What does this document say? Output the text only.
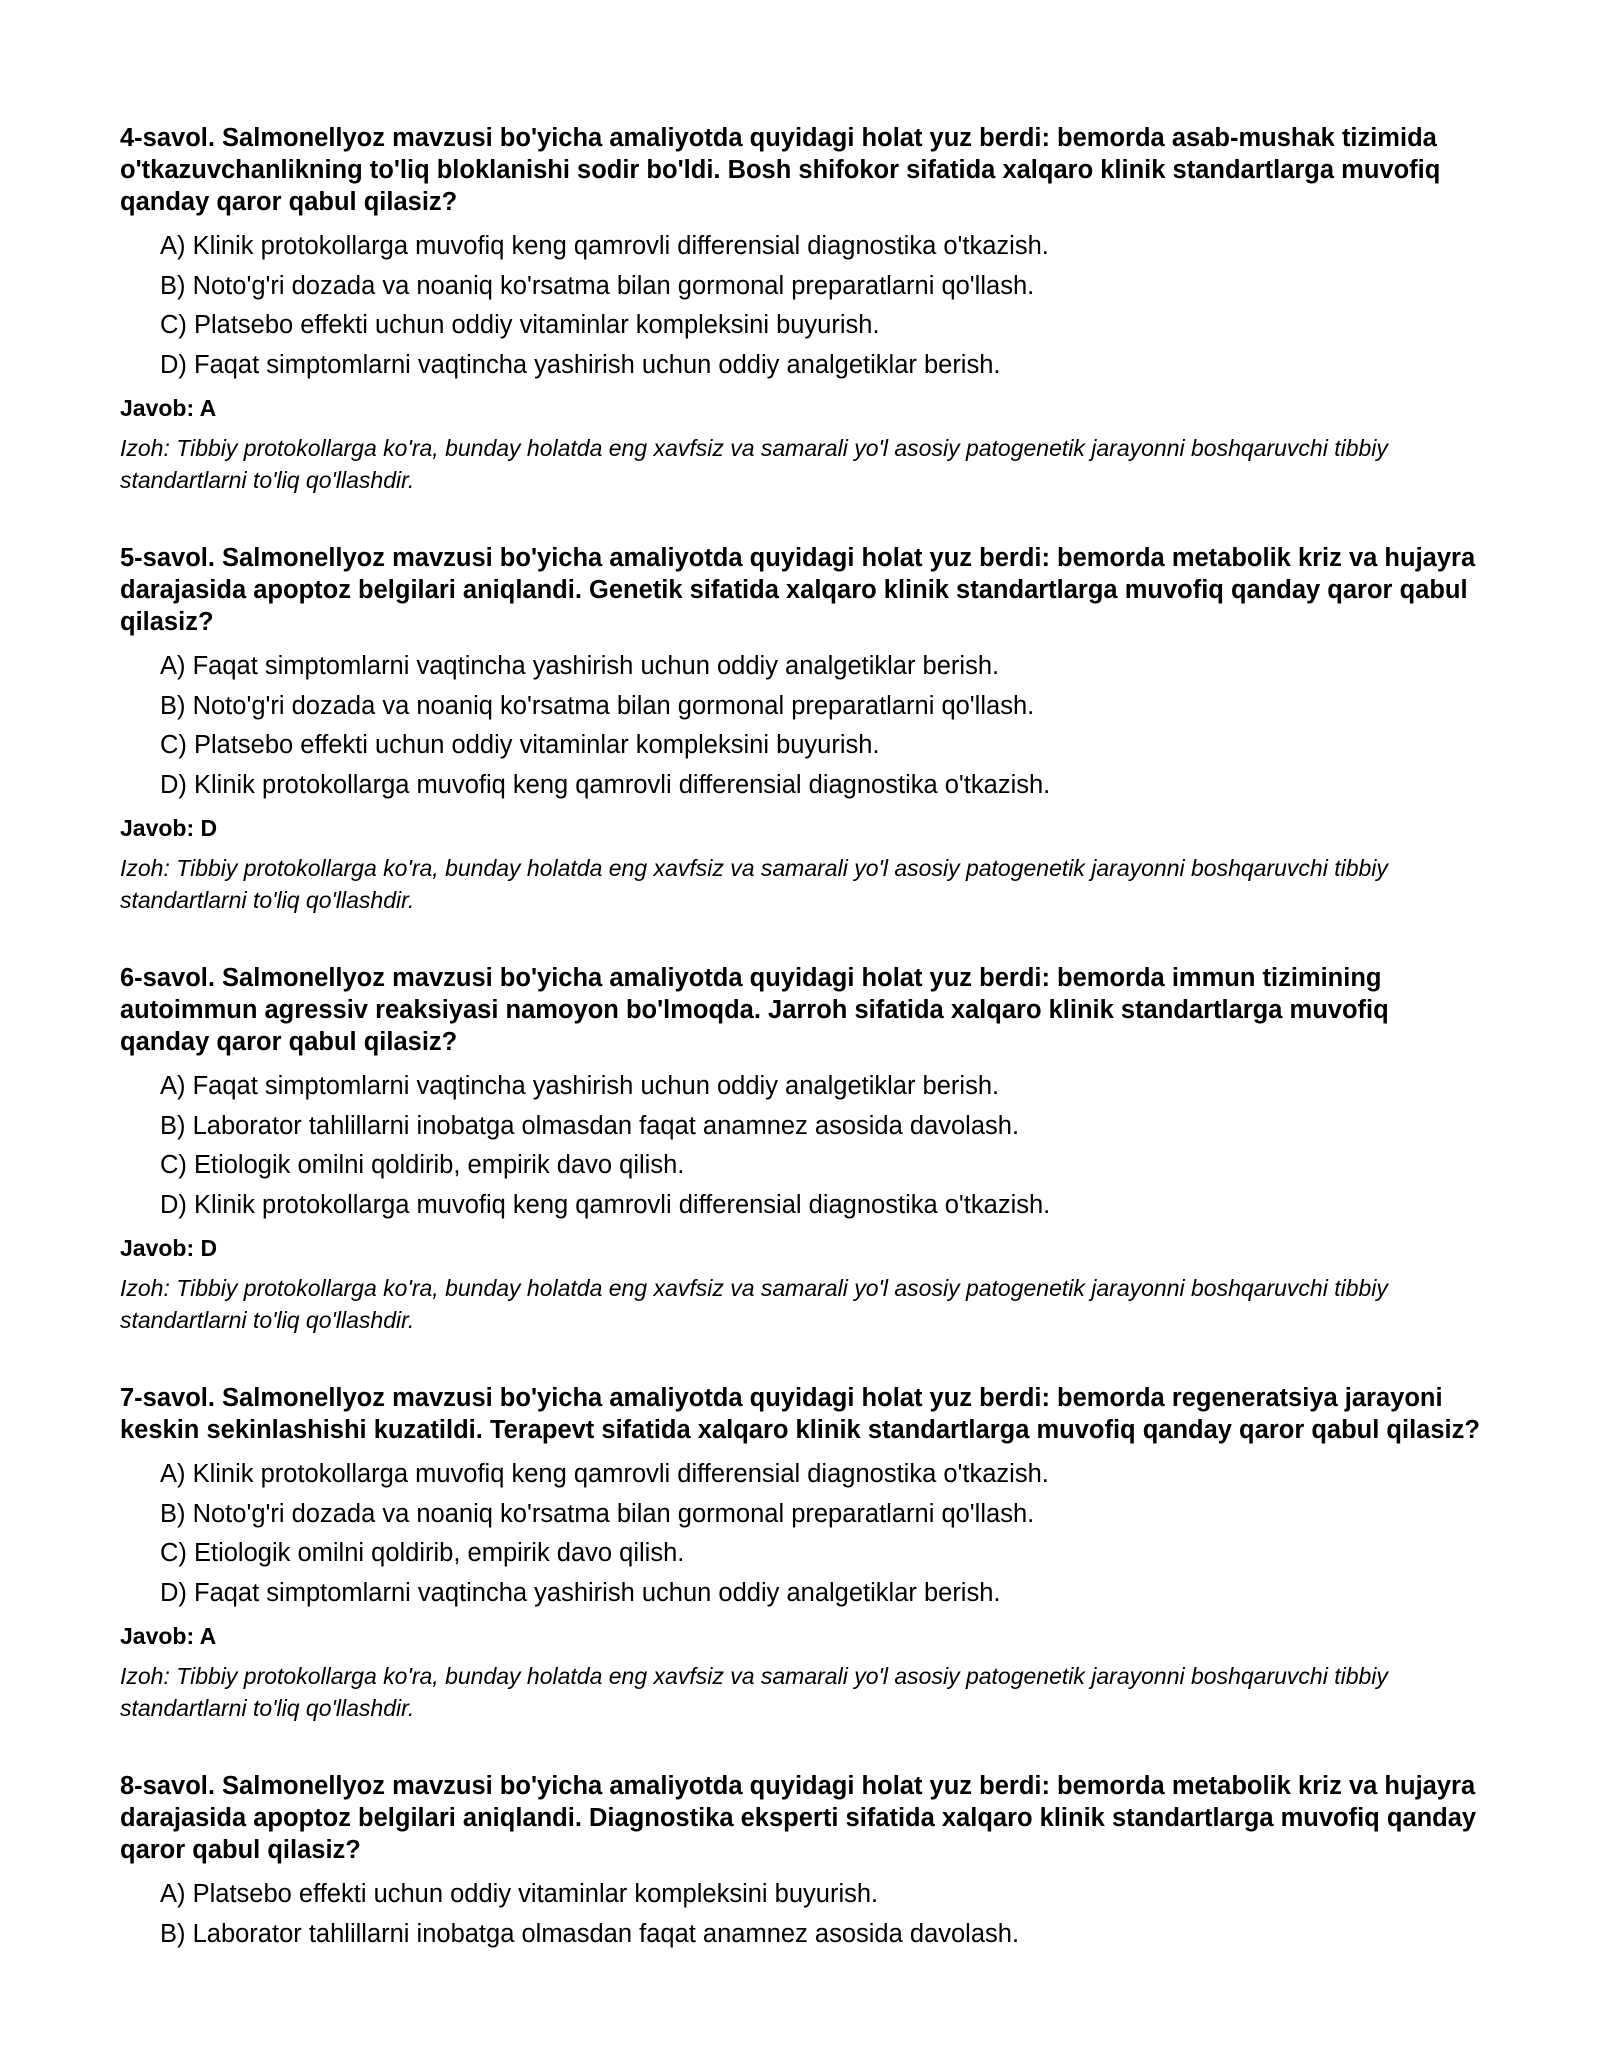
4-savol. Salmonellyoz mavzusi bo'yicha amaliyotda quyidagi holat yuz berdi: bemorda asab-mushak tizimida o'tkazuvchanlikning to'liq bloklanishi sodir bo'ldi. Bosh shifokor sifatida xalqaro klinik standartlarga muvofiq qanday qaror qabul qilasiz?
A) Klinik protokollarga muvofiq keng qamrovli differensial diagnostika o'tkazish.
B) Noto'g'ri dozada va noaniq ko'rsatma bilan gormonal preparatlarni qo'llash.
C) Platsebo effekti uchun oddiy vitaminlar kompleksini buyurish.
D) Faqat simptomlarni vaqtincha yashirish uchun oddiy analgetiklar berish.
Javob: A
Izoh: Tibbiy protokollarga ko'ra, bunday holatda eng xavfsiz va samarali yo'l asosiy patogenetik jarayonni boshqaruvchi tibbiy standartlarni to'liq qo'llashdir.
5-savol. Salmonellyoz mavzusi bo'yicha amaliyotda quyidagi holat yuz berdi: bemorda metabolik kriz va hujayra darajasida apoptoz belgilari aniqlandi. Genetik sifatida xalqaro klinik standartlarga muvofiq qanday qaror qabul qilasiz?
A) Faqat simptomlarni vaqtincha yashirish uchun oddiy analgetiklar berish.
B) Noto'g'ri dozada va noaniq ko'rsatma bilan gormonal preparatlarni qo'llash.
C) Platsebo effekti uchun oddiy vitaminlar kompleksini buyurish.
D) Klinik protokollarga muvofiq keng qamrovli differensial diagnostika o'tkazish.
Javob: D
Izoh: Tibbiy protokollarga ko'ra, bunday holatda eng xavfsiz va samarali yo'l asosiy patogenetik jarayonni boshqaruvchi tibbiy standartlarni to'liq qo'llashdir.
6-savol. Salmonellyoz mavzusi bo'yicha amaliyotda quyidagi holat yuz berdi: bemorda immun tizimining autoimmun agressiv reaksiyasi namoyon bo'lmoqda. Jarroh sifatida xalqaro klinik standartlarga muvofiq qanday qaror qabul qilasiz?
A) Faqat simptomlarni vaqtincha yashirish uchun oddiy analgetiklar berish.
B) Laborator tahlillarni inobatga olmasdan faqat anamnez asosida davolash.
C) Etiologik omilni qoldirib, empirik davo qilish.
D) Klinik protokollarga muvofiq keng qamrovli differensial diagnostika o'tkazish.
Javob: D
Izoh: Tibbiy protokollarga ko'ra, bunday holatda eng xavfsiz va samarali yo'l asosiy patogenetik jarayonni boshqaruvchi tibbiy standartlarni to'liq qo'llashdir.
7-savol. Salmonellyoz mavzusi bo'yicha amaliyotda quyidagi holat yuz berdi: bemorda regeneratsiya jarayoni keskin sekinlashishi kuzatildi. Terapevt sifatida xalqaro klinik standartlarga muvofiq qanday qaror qabul qilasiz?
A) Klinik protokollarga muvofiq keng qamrovli differensial diagnostika o'tkazish.
B) Noto'g'ri dozada va noaniq ko'rsatma bilan gormonal preparatlarni qo'llash.
C) Etiologik omilni qoldirib, empirik davo qilish.
D) Faqat simptomlarni vaqtincha yashirish uchun oddiy analgetiklar berish.
Javob: A
Izoh: Tibbiy protokollarga ko'ra, bunday holatda eng xavfsiz va samarali yo'l asosiy patogenetik jarayonni boshqaruvchi tibbiy standartlarni to'liq qo'llashdir.
8-savol. Salmonellyoz mavzusi bo'yicha amaliyotda quyidagi holat yuz berdi: bemorda metabolik kriz va hujayra darajasida apoptoz belgilari aniqlandi. Diagnostika eksperti sifatida xalqaro klinik standartlarga muvofiq qanday qaror qabul qilasiz?
A) Platsebo effekti uchun oddiy vitaminlar kompleksini buyurish.
B) Laborator tahlillarni inobatga olmasdan faqat anamnez asosida davolash.
